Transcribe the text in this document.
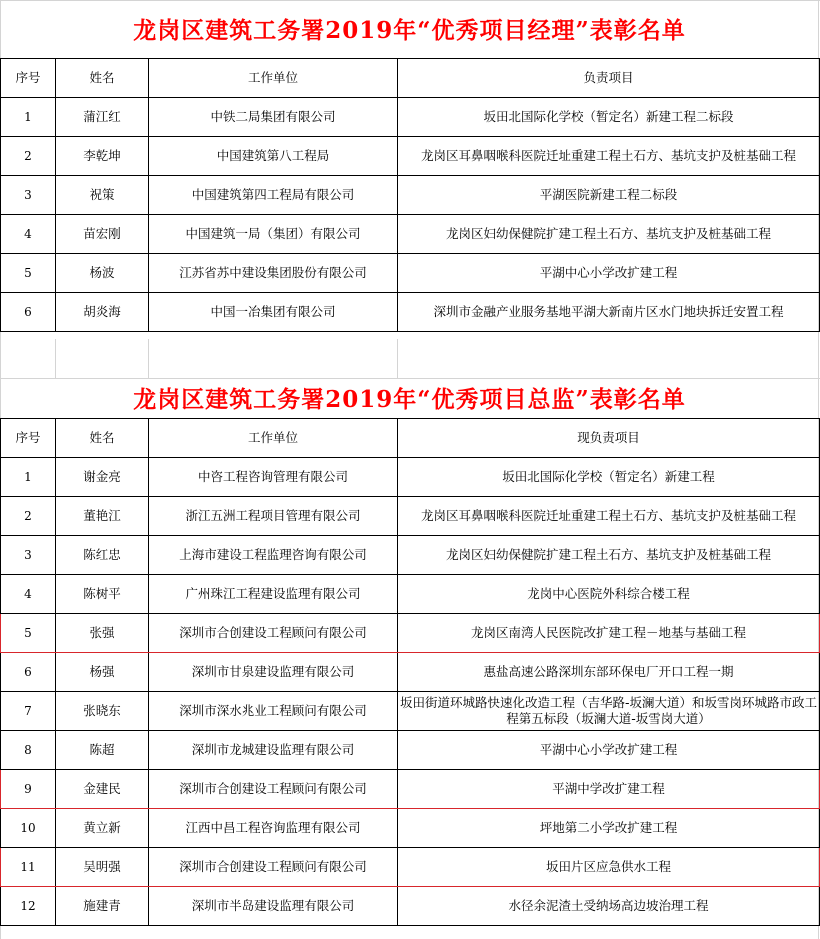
龙岗区建筑工务署2019年“优秀项目经理”表彰名单
序号	姓名	工作单位	负责项目
1	蒲江红	中铁二局集团有限公司	坂田北国际化学校（暂定名）新建工程二标段
2	李乾坤	中国建筑第八工程局	龙岗区耳鼻咽喉科医院迁址重建工程土石方、基坑支护及桩基础工程
3	祝策	中国建筑第四工程局有限公司	平湖医院新建工程二标段
4	苗宏刚	中国建筑一局（集团）有限公司	龙岗区妇幼保健院扩建工程土石方、基坑支护及桩基础工程
5	杨波	江苏省苏中建设集团股份有限公司	平湖中心小学改扩建工程
6	胡炎海	中国一冶集团有限公司	深圳市金融产业服务基地平湖大新南片区水门地块拆迁安置工程
龙岗区建筑工务署2019年“优秀项目总监”表彰名单
序号	姓名	工作单位	现负责项目
1	谢金亮	中咨工程咨询管理有限公司	坂田北国际化学校（暂定名）新建工程
2	董艳江	浙江五洲工程项目管理有限公司	龙岗区耳鼻咽喉科医院迁址重建工程土石方、基坑支护及桩基础工程
3	陈红忠	上海市建设工程监理咨询有限公司	龙岗区妇幼保健院扩建工程土石方、基坑支护及桩基础工程
4	陈树平	广州珠江工程建设监理有限公司	龙岗中心医院外科综合楼工程
5	张强	深圳市合创建设工程顾问有限公司	龙岗区南湾人民医院改扩建工程－地基与基础工程
6	杨强	深圳市甘泉建设监理有限公司	惠盐高速公路深圳东部环保电厂开口工程一期
7	张晓东	深圳市深水兆业工程顾问有限公司	坂田街道环城路快速化改造工程（吉华路-坂澜大道）和坂雪岗环城路市政工程第五标段（坂澜大道-坂雪岗大道）
8	陈超	深圳市龙城建设监理有限公司	平湖中心小学改扩建工程
9	金建民	深圳市合创建设工程顾问有限公司	平湖中学改扩建工程
10	黄立新	江西中昌工程咨询监理有限公司	坪地第二小学改扩建工程
11	吴明强	深圳市合创建设工程顾问有限公司	坂田片区应急供水工程
12	施建青	深圳市半岛建设监理有限公司	水径余泥渣土受纳场高边坡治理工程
